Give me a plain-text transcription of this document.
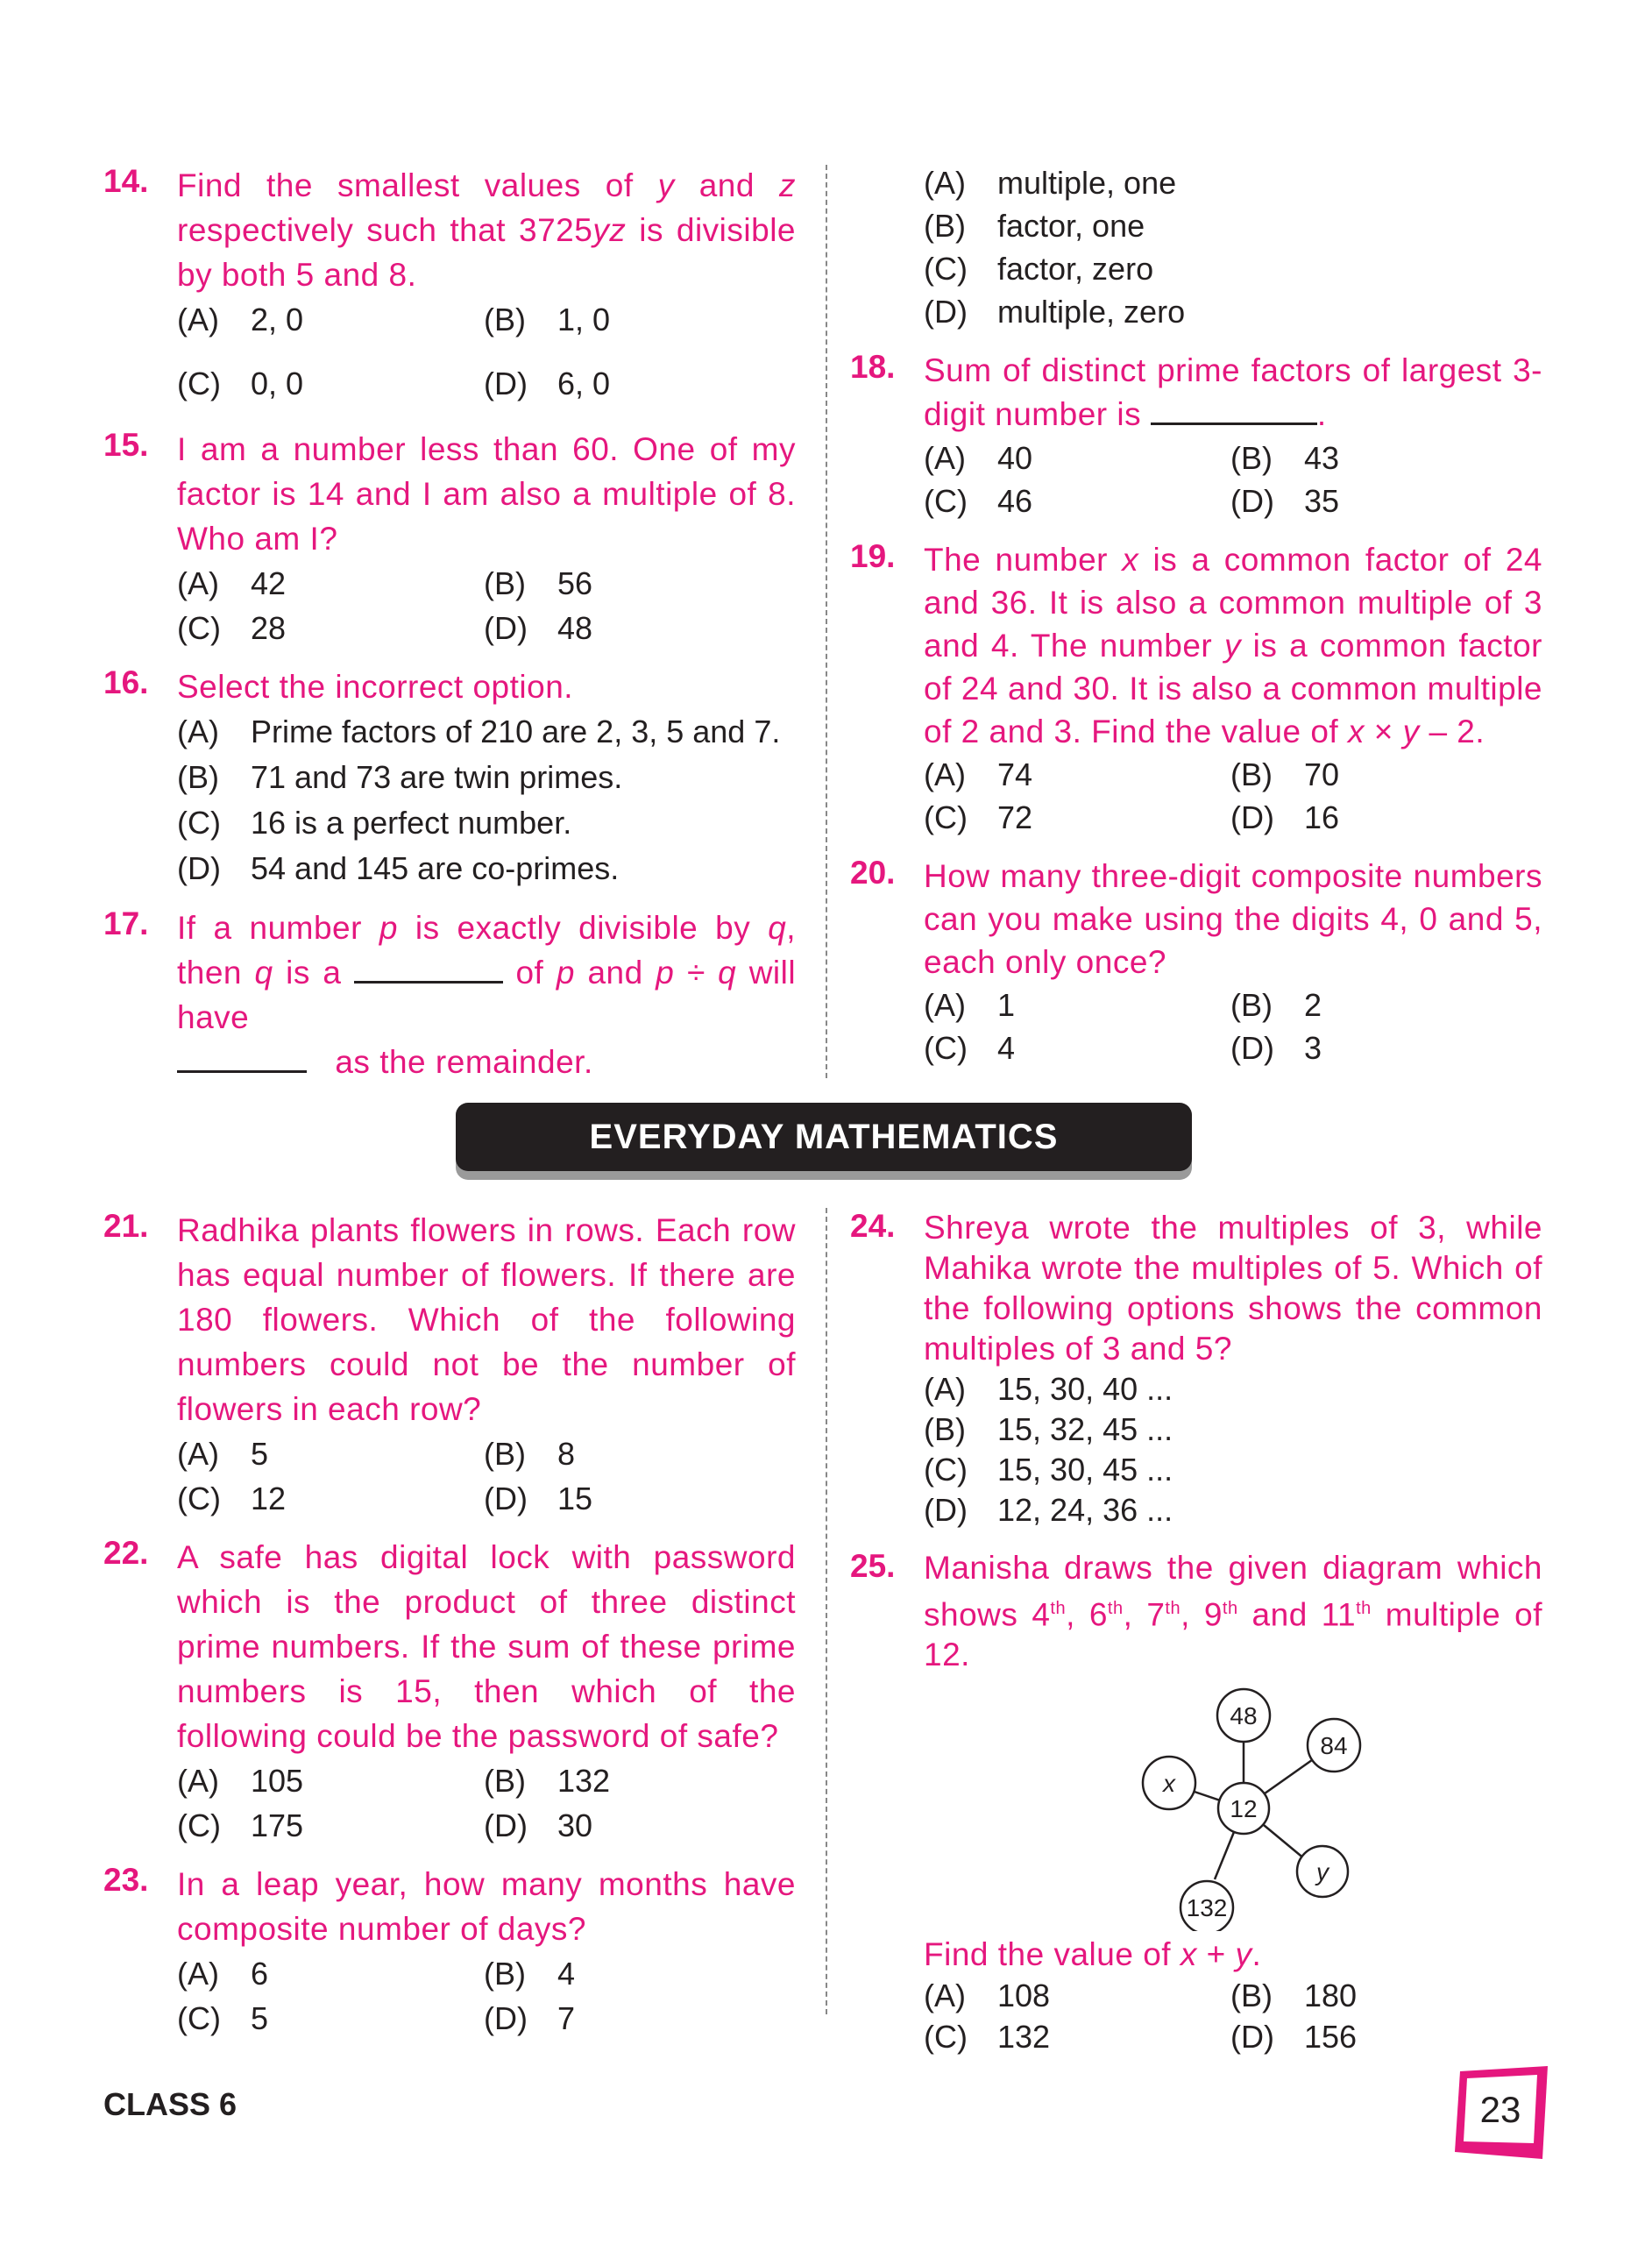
14. Find the smallest values of y and z respectively such that 3725yz is divisible by both 5 and 8.
(A) 2, 0	(B) 1, 0
(C) 0, 0	(D) 6, 0
15. I am a number less than 60. One of my factor is 14 and I am also a multiple of 8. Who am I?
(A) 42	(B) 56
(C) 28	(D) 48
16. Select the incorrect option.
(A) Prime factors of 210 are 2, 3, 5 and 7.
(B) 71 and 73 are twin primes.
(C) 16 is a perfect number.
(D) 54 and 145 are co-primes.
17. If a number p is exactly divisible by q, then q is a	of p and p ÷ q will have
as the remainder.
(A) multiple, one
(B) factor, one
(C) factor, zero
(D) multiple, zero
18. Sum of distinct prime factors of largest 3-digit number is	.
(A) 40	(B) 43
(C) 46	(D) 35
19. The number x is a common factor of 24 and 36. It is also a common multiple of 3 and 4. The number y is a common factor of 24 and 30. It is also a common multiple of 2 and 3. Find the value of x × y – 2.
(A) 74	(B) 70
(C) 72	(D) 16
20. How many three-digit composite numbers can you make using the digits 4, 0 and 5, each only once?
(A) 1	(B) 2
(C) 4	(D) 3
EVERYDAY MATHEMATICS
21. Radhika plants flowers in rows. Each row has equal number of flowers. If there are 180 flowers. Which of the following numbers could not be the number of flowers in each row?
(A) 5	(B) 8
(C) 12	(D) 15
22. A safe has digital lock with password which is the product of three distinct prime numbers. If the sum of these prime numbers is 15, then which of the following could be the password of safe?
(A) 105	(B) 132
(C) 175	(D) 30
23. In a leap year, how many months have composite number of days?
(A) 6	(B) 4
(C) 5	(D) 7
24. Shreya wrote the multiples of 3, while Mahika wrote the multiples of 5. Which of the following options shows the common multiples of 3 and 5?
(A) 15, 30, 40 ...
(B) 15, 32, 45 ...
(C) 15, 30, 45 ...
(D) 12, 24, 36 ...
25. Manisha draws the given diagram which shows 4th, 6th, 7th, 9th and 11th multiple of 12.
12
48
84
y
132
x
Find the value of x + y.
(A) 108	(B) 180
(C) 132	(D) 156
CLASS 6	23
